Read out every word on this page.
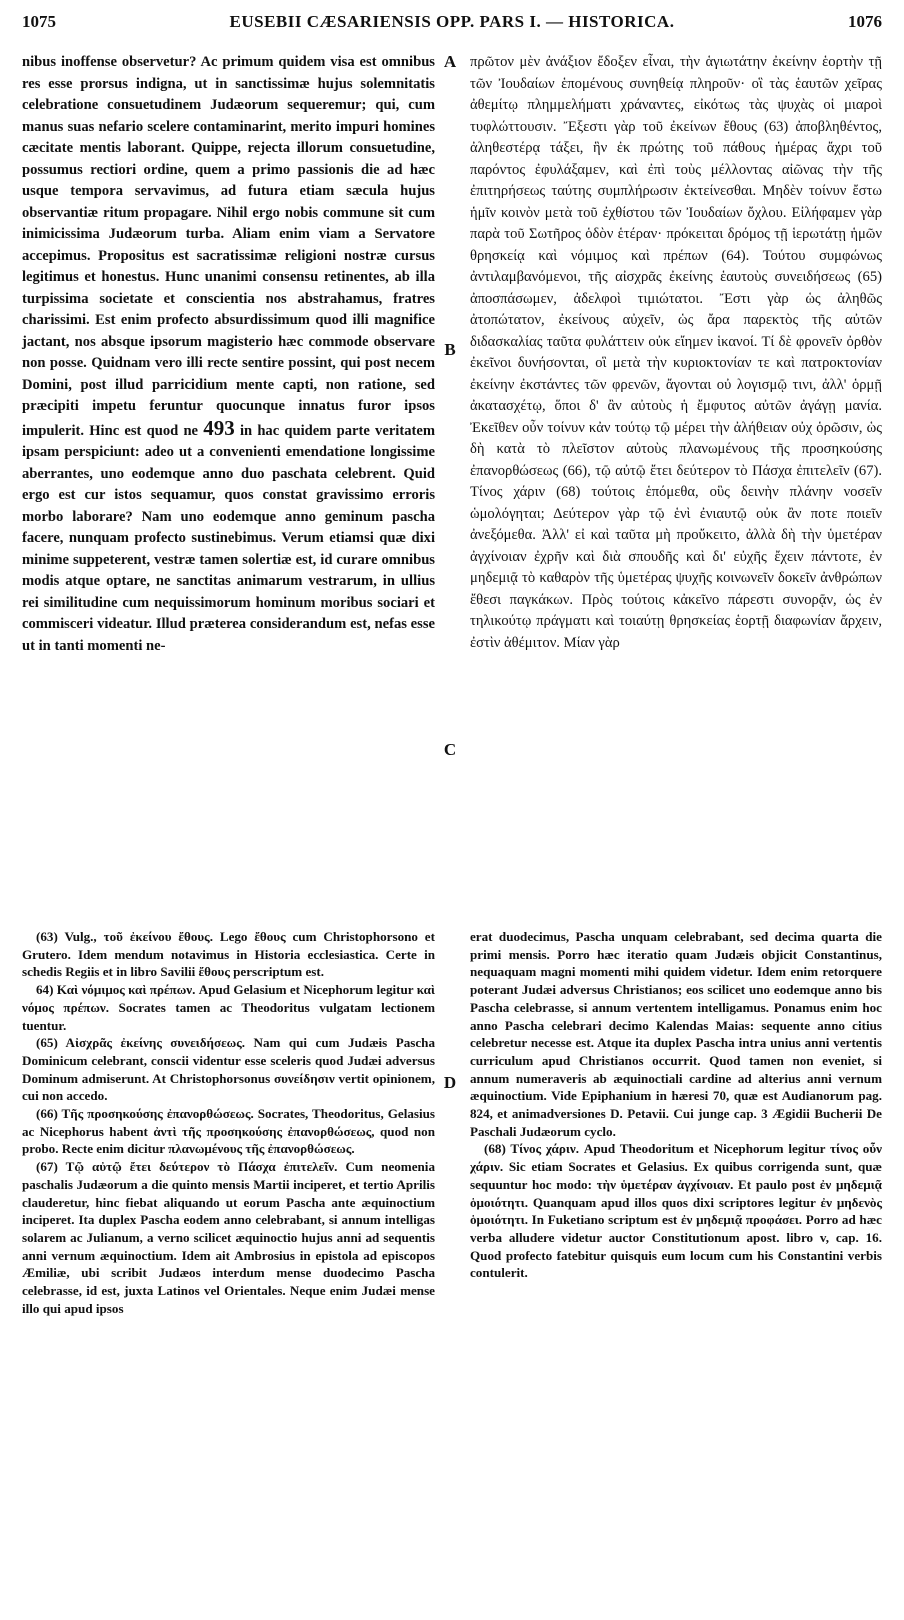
1075	EUSEBII CÆSARIENSIS OPP. PARS I. — HISTORICA.	1076

nibus inoffense observetur? Ac primum quidem visa est omnibus res esse prorsus indigna, ut in sanctissimæ hujus solemnitatis celebratione consuetudinem Judæorum sequeremur; qui, cum manus suas nefario scelere contaminarint, merito impuri homines cæcitate mentis laborant. Quippe, rejecta illorum consuetudine, possumus rectiori ordine, quem a primo passionis die ad hæc usque tempora servavimus, ad futura etiam sæcula hujus observantiæ ritum propagare. Nihil ergo nobis commune sit cum inimicissima Judæorum turba. Aliam enim viam a Servatore accepimus. Propositus est sacratissimæ religioni nostræ cursus legitimus et honestus. Hunc unanimi consensu retinentes, ab illa turpissima societate et conscientia nos abstrahamus, fratres charissimi. Est enim profecto absurdissimum quod illi magnifice jactant, nos absque ipsorum magisterio hæc commode observare non posse. Quidnam vero illi recte sentire possint, qui post necem Domini, post illud parricidium mente capti, non ratione, sed præcipiti impetu feruntur quocunque innatus furor ipsos impulerit. Hinc est quod ne 493 in hac quidem parte veritatem ipsam perspiciunt: adeo ut a convenienti emendatione longissime aberrantes, uno eodemque anno duo paschata celebrent. Quid ergo est cur istos sequamur, quos constat gravissimo erroris morbo laborare? Nam uno eodemque anno geminum pascha facere, nunquam profecto sustinebimus. Verum etiamsi quæ dixi minime suppeterent, vestræ tamen solertiæ est, id curare omnibus modis atque optare, ne sanctitas animarum vestrarum, in ullius rei similitudine cum nequissimorum hominum moribus sociari et commisceri videatur. Illud præterea considerandum est, nefas esse ut in tanti momenti ne-

A
B
C
D

πρῶτον μὲν ἀνάξιον ἔδοξεν εἶναι, τὴν ἁγιωτάτην ἐκείνην ἑορτὴν τῇ τῶν Ἰουδαίων ἑπομένους συνηθείᾳ πληροῦν· οἳ τὰς ἑαυτῶν χεῖρας ἀθεμίτῳ πλημμελήματι χράναντες, εἰκότως τὰς ψυχὰς οἱ μιαροὶ τυφλώττουσιν. Ἔξεστι γὰρ τοῦ ἐκείνων ἔθους (63) ἀποβληθέντος, ἀληθεστέρᾳ τάξει, ἣν ἐκ πρώτης τοῦ πάθους ἡμέρας ἄχρι τοῦ παρόντος ἐφυλάξαμεν, καὶ ἐπὶ τοὺς μέλλοντας αἰῶνας τὴν τῆς ἐπιτηρήσεως ταύτης συμπλήρωσιν ἐκτείνεσθαι. Μηδὲν τοίνυν ἔστω ἡμῖν κοινὸν μετὰ τοῦ ἐχθίστου τῶν Ἰουδαίων ὄχλου. Εἰλήφαμεν γὰρ παρὰ τοῦ Σωτῆρος ὁδὸν ἑτέραν· πρόκειται δρόμος τῇ ἱερωτάτῃ ἡμῶν θρησκείᾳ καὶ νόμιμος καὶ πρέπων (64). Τούτου συμφώνως ἀντιλαμβανόμενοι, τῆς αἰσχρᾶς ἐκείνης ἑαυτοὺς συνειδήσεως (65) ἀποσπάσωμεν, ἀδελφοὶ τιμιώτατοι. Ἔστι γὰρ ὡς ἀληθῶς ἀτοπώτατον, ἐκείνους αὐχεῖν, ὡς ἄρα παρεκτὸς τῆς αὐτῶν διδασκαλίας ταῦτα φυλάττειν οὐκ εἴημεν ἱκανοί. Τί δὲ φρονεῖν ὀρθὸν ἐκεῖνοι δυνήσονται, οἳ μετὰ τὴν κυριοκτονίαν τε καὶ πατροκτονίαν ἐκείνην ἐκστάντες τῶν φρενῶν, ἄγονται οὐ λογισμῷ τινι, ἀλλ' ὁρμῇ ἀκατασχέτῳ, ὅποι δ' ἂν αὐτοὺς ἡ ἔμφυτος αὐτῶν ἀγάγῃ μανία. Ἐκεῖθεν οὖν τοίνυν κἀν τούτῳ τῷ μέρει τὴν ἀλήθειαν οὐχ ὁρῶσιν, ὡς δὴ κατὰ τὸ πλεῖστον αὐτοὺς πλανωμένους τῆς προσηκούσης ἐπανορθώσεως (66), τῷ αὐτῷ ἔτει δεύτερον τὸ Πάσχα ἐπιτελεῖν (67). Τίνος χάριν (68) τούτοις ἑπόμεθα, οὓς δεινὴν πλάνην νοσεῖν ὡμολόγηται; Δεύτερον γὰρ τῷ ἑνὶ ἐνιαυτῷ οὐκ ἂν ποτε ποιεῖν ἀνεξόμεθα. Ἀλλ' εἰ καὶ ταῦτα μὴ προὔκειτο, ἀλλὰ δὴ τὴν ὑμετέραν ἀγχίνοιαν ἐχρῆν καὶ διὰ σπουδῆς καὶ δι' εὐχῆς ἔχειν πάντοτε, ἐν μηδεμιᾷ τὸ καθαρὸν τῆς ὑμετέρας ψυχῆς κοινωνεῖν δοκεῖν ἀνθρώπων ἔθεσι παγκάκων. Πρὸς τούτοις κἀκεῖνο πάρεστι συνορᾷν, ὡς ἐν τηλικούτῳ πράγματι καὶ τοιαύτῃ θρησκείας ἑορτῇ διαφωνίαν ἄρχειν, ἐστὶν ἀθέμιτον. Μίαν γὰρ

(63) Vulg., τοῦ ἐκείνου ἔθους. Lego ἔθους cum Christophorsono et Grutero. Idem mendum notavimus in Historia ecclesiastica. Certe in schedis Regiis et in libro Savilii ἔθους perscriptum est.

64) Καὶ νόμιμος καὶ πρέπων. Apud Gelasium et Nicephorum legitur καὶ νόμος πρέπων. Socrates tamen ac Theodoritus vulgatam lectionem tuentur.

(65) Αἰσχρᾶς ἐκείνης συνειδήσεως. Nam qui cum Judæis Pascha Dominicum celebrant, conscii videntur esse sceleris quod Judæi adversus Dominum admiserunt. At Christophorsonus συνείδησιν vertit opinionem, cui non accedo.

(66) Τῆς προσηκούσης ἐπανορθώσεως. Socrates, Theodoritus, Gelasius ac Nicephorus habent ἀντὶ τῆς προσηκούσης ἐπανορθώσεως, quod non probo. Recte enim dicitur πλανωμένους τῆς ἐπανορθώσεως.

(67) Τῷ αὐτῷ ἔτει δεύτερον τὸ Πάσχα ἐπιτελεῖν. Cum neomenia paschalis Judæorum a die quinto mensis Martii inciperet, et tertio Aprilis clauderetur, hinc fiebat aliquando ut eorum Pascha ante æquinoctium inciperet. Ita duplex Pascha eodem anno celebrabant, si annum intelligas solarem ac Julianum, a verno scilicet æquinoctio hujus anni ad sequentis anni vernum æquinoctium. Idem ait Ambrosius in epistola ad episcopos Æmiliæ, ubi scribit Judæos interdum mense duodecimo Pascha celebrasse, id est, juxta Latinos vel Orientales. Neque enim Judæi mense illo qui apud ipsos

erat duodecimus, Pascha unquam celebrabant, sed decima quarta die primi mensis. Porro hæc iteratio quam Judæis objicit Constantinus, nequaquam magni momenti mihi quidem videtur. Idem enim retorquere poterant Judæi adversus Christianos; eos scilicet uno eodemque anno bis Pascha celebrasse, si annum vertentem intelligamus. Ponamus enim hoc anno Pascha celebrari decimo Kalendas Maias: sequente anno citius celebretur necesse est. Atque ita duplex Pascha intra unius anni vertentis curriculum apud Christianos occurrit. Quod tamen non eveniet, si annum numeraveris ab æquinoctiali cardine ad alterius anni vernum æquinoctium. Vide Epiphanium in hæresi 70, quæ est Audianorum pag. 824, et animadversiones D. Petavii. Cui junge cap. 3 Ægidii Bucherii De Paschali Judæorum cyclo.

(68) Τίνος χάριν. Apud Theodoritum et Nicephorum legitur τίνος οὖν χάριν. Sic etiam Socrates et Gelasius. Ex quibus corrigenda sunt, quæ sequuntur hoc modo: τὴν ὑμετέραν ἀγχίνοιαν. Et paulo post ἐν μηδεμιᾷ ὁμοιότητι. Quanquam apud illos quos dixi scriptores legitur ἐν μηδενὸς ὁμοιότητι. In Fuketiano scriptum est ἐν μηδεμιᾷ προφάσει. Porro ad hæc verba alludere videtur auctor Constitutionum apost. libro v, cap. 16. Quod profecto fatebitur quisquis eum locum cum his Constantini verbis contulerit.
